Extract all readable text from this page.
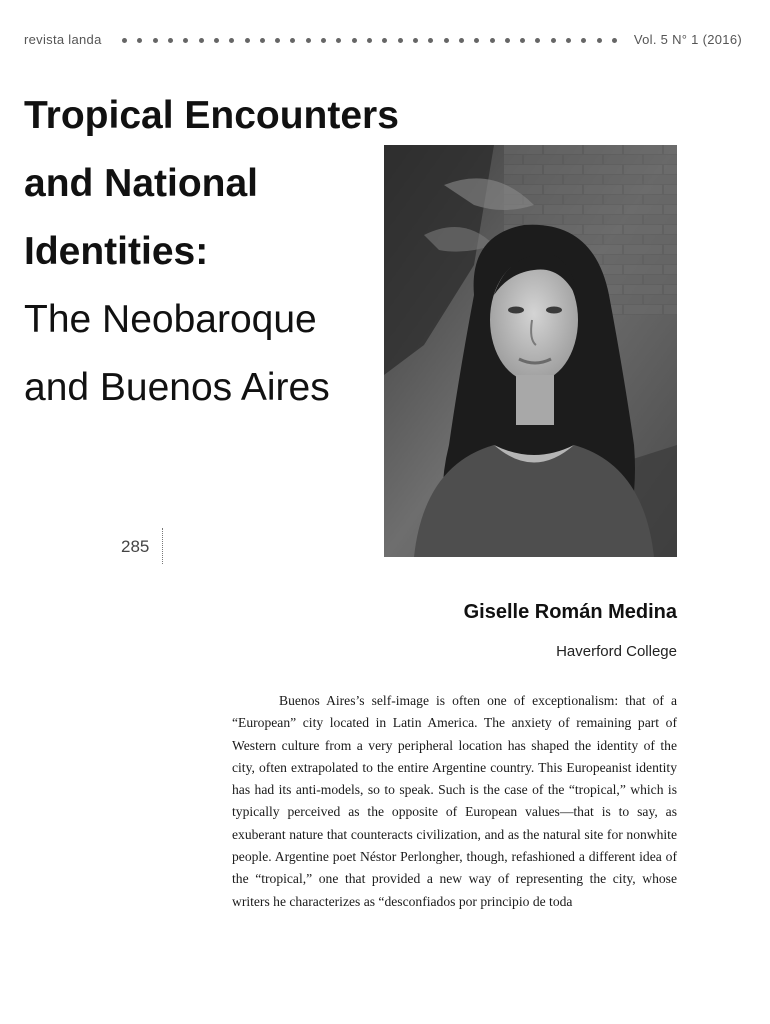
revista landa	Vol. 5 N° 1 (2016)
Tropical Encounters
and National
Identities:
The Neobaroque
and Buenos Aires
285
Giselle Román Medina
Haverford College

Buenos Aires’s self-image is often one of exceptionalism: that of a “European” city located in Latin America. The anxiety of remaining part of Western culture from a very peripheral location has shaped the identity of the city, often extrapolated to the entire Argentine country. This Europeanist identity has had its anti-models, so to speak. Such is the case of the “tropical,” which is typically perceived as the opposite of European values—that is to say, as exuberant nature that counteracts civilization, and as the natural site for nonwhite people. Argentine poet Néstor Perlongher, though, refashioned a different idea of the “tropical,” one that provided a new way of representing the city, whose writers he characterizes as “desconfiados por principio de toda
